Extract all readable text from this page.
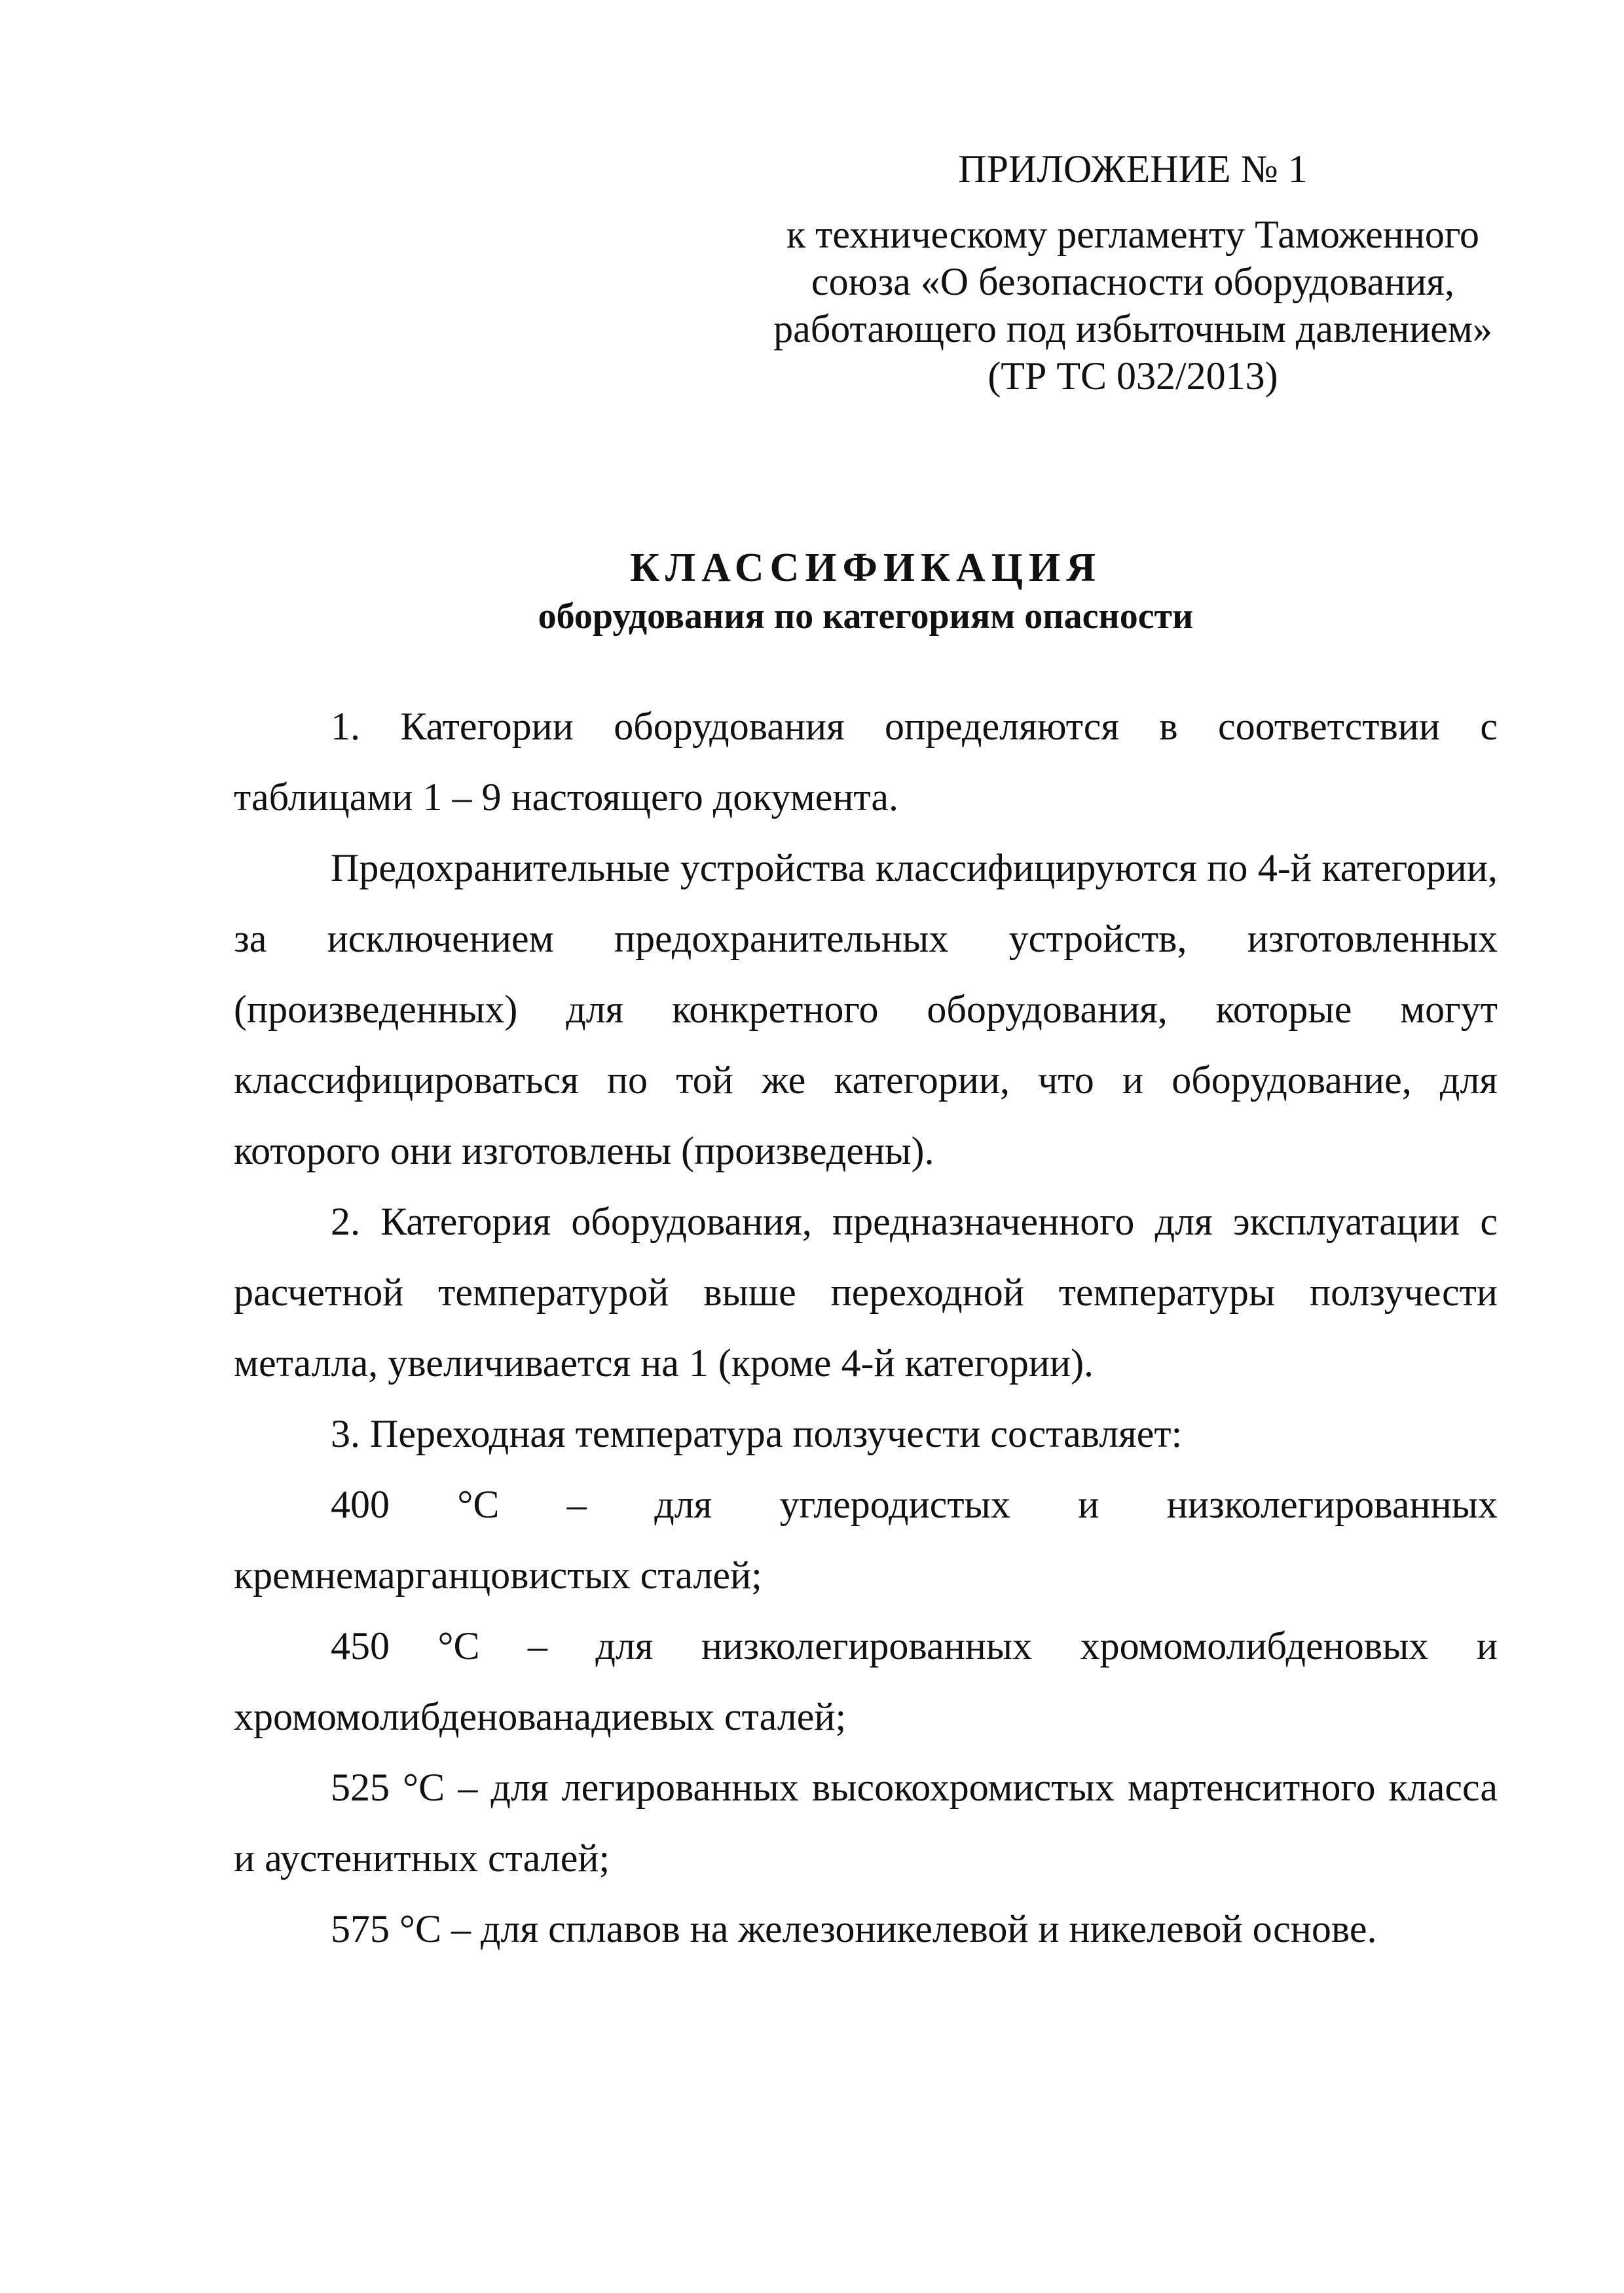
ПРИЛОЖЕНИЕ № 1
к техническому регламенту Таможенного
союза «О безопасности оборудования,
работающего под избыточным давлением»
(ТР ТС 032/2013)
КЛАССИФИКАЦИЯ
оборудования по категориям опасности

1. Категории оборудования определяются в соответствии с таблицами 1 – 9 настоящего документа.

Предохранительные устройства классифицируются по 4-й категории, за исключением предохранительных устройств, изготовленных (произведенных) для конкретного оборудования, которые могут классифицироваться по той же категории, что и оборудование, для которого они изготовлены (произведены).

2. Категория оборудования, предназначенного для эксплуатации с расчетной температурой выше переходной температуры ползучести металла, увеличивается на 1 (кроме 4-й категории).

3. Переходная температура ползучести составляет:

400 °С – для углеродистых и низколегированных кремнемарганцовистых сталей;

450 °С – для низколегированных хромомолибденовых и хромомолибденованадиевых сталей;

525 °С – для легированных высокохромистых мартенситного класса и аустенитных сталей;

575 °С – для сплавов на железоникелевой и никелевой основе.
